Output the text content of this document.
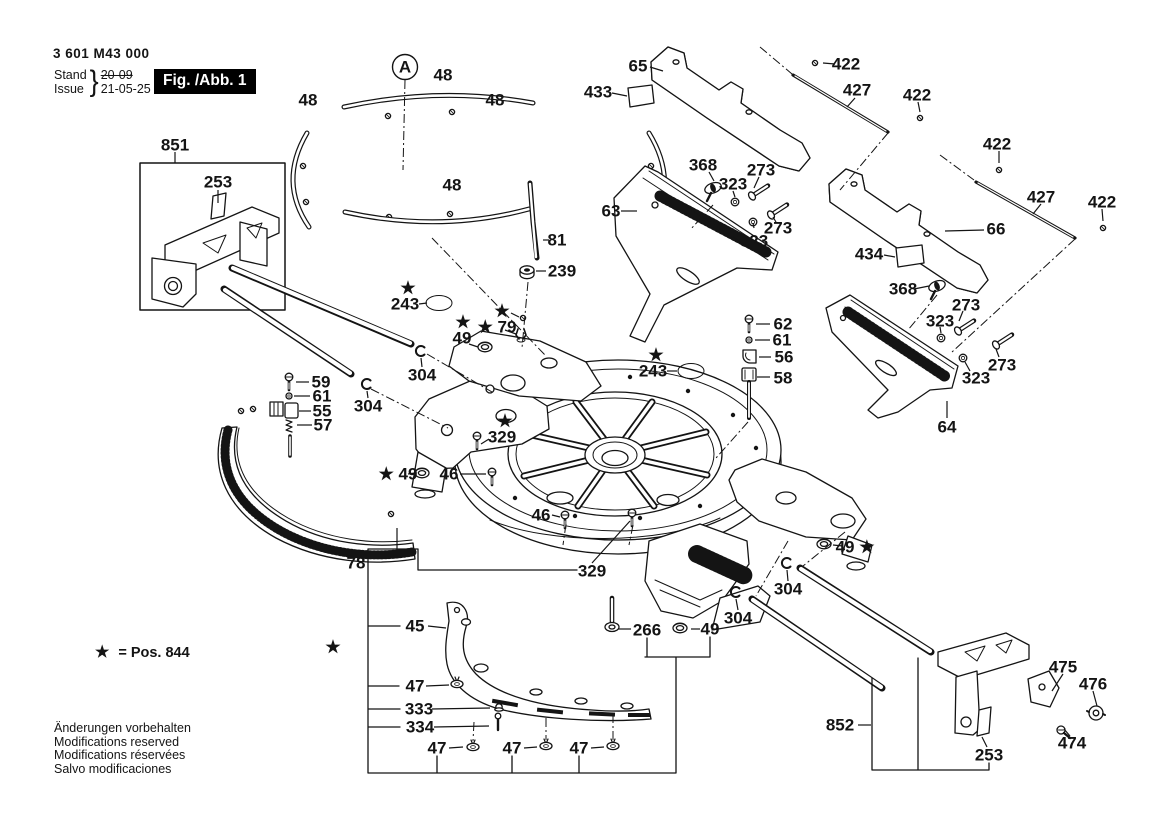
48
48
48
48
A
851
253
65
433
422
427 422
368 273
323
63
273
323
422
427 422
66
434
368
273
323
273
323
64
81
239
243
★
★
★ ★ 79
49
304
59
61
55
57
304
62
61
56
58
243
★
329
★
★ 49 46
46
329
78
304
304
49 ★
45	266 49
852
253
475
476
474
47
333
334
47	47	47
★
3 601 M43 000
Stand
Issue } 20-09
21-05-25 Fig. /Abb. 1
★ = Pos. 844
Änderungen vorbehalten
Modifications reserved
Modifications réservées
Salvo modificaciones
